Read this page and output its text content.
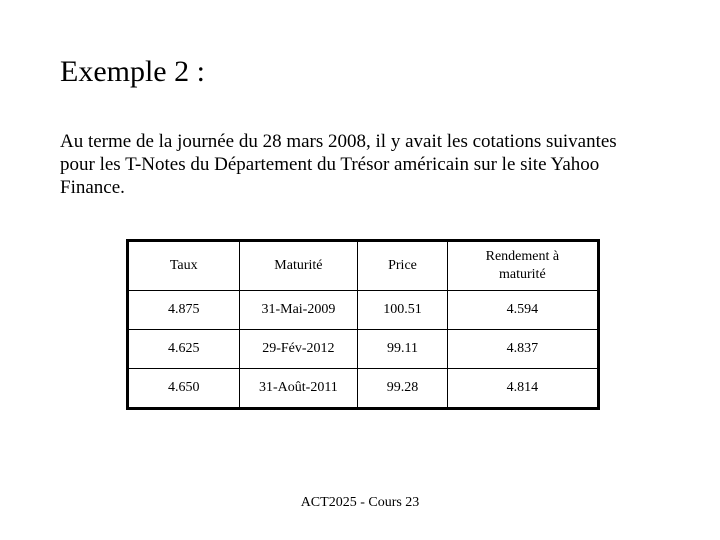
Exemple 2 :
Au terme de la journée du 28 mars 2008, il y avait les cotations suivantes
pour les T-Notes du Département du Trésor américain sur le site Yahoo
Finance.
Taux	Maturité	Price	Rendement à
maturité
4.875	31-Mai-2009	100.51	4.594
4.625	29-Fév-2012	99.11	4.837
4.650	31-Août-2011	99.28	4.814
ACT2025 - Cours 23
